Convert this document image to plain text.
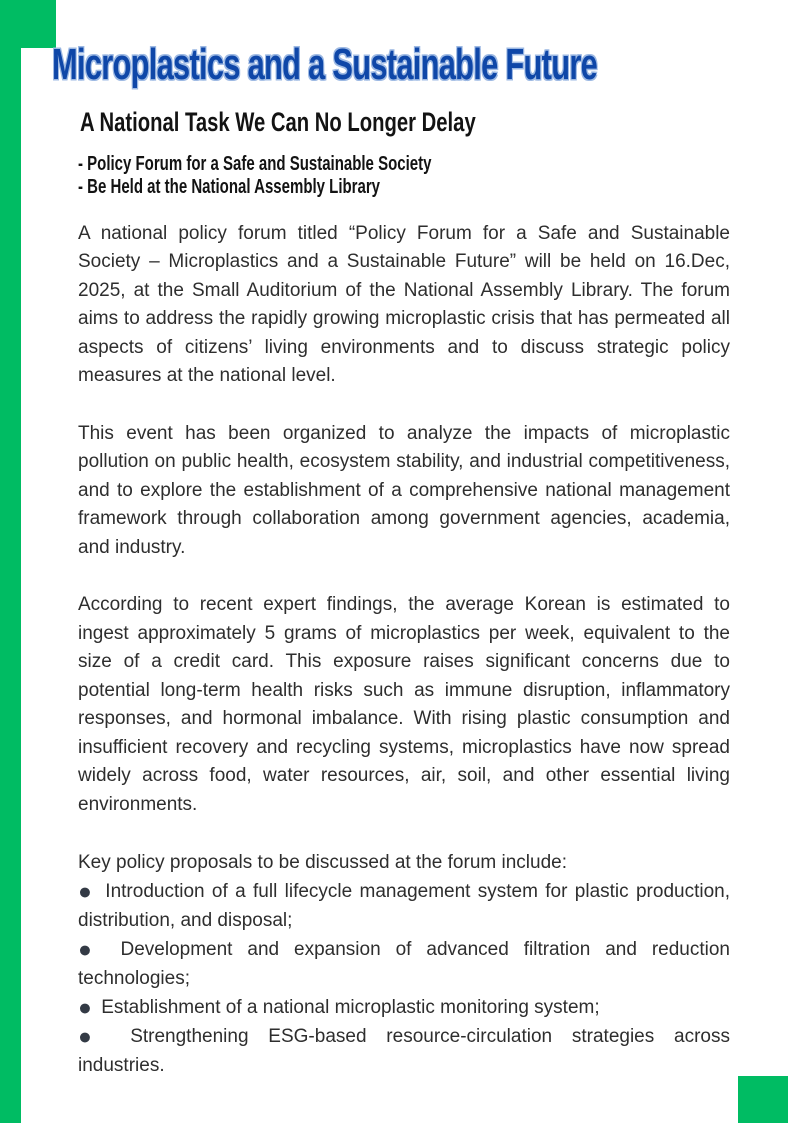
Microplastics and a Sustainable Future
A National Task We Can No Longer Delay

- Policy Forum for a Safe and Sustainable Society

- Be Held at the National Assembly Library

A national policy forum titled “Policy Forum for a Safe and Sustainable Society – Microplastics and a Sustainable Future” will be held on 16.Dec, 2025, at the Small Auditorium of the National Assembly Library. The forum aims to address the rapidly growing microplastic crisis that has permeated all aspects of citizens’ living environments and to discuss strategic policy measures at the national level.

This event has been organized to analyze the impacts of microplastic pollution on public health, ecosystem stability, and industrial competitiveness, and to explore the establishment of a comprehensive national management framework through collaboration among government agencies, academia, and industry.

According to recent expert findings, the average Korean is estimated to ingest approximately 5 grams of microplastics per week, equivalent to the size of a credit card. This exposure raises significant concerns due to potential long-term health risks such as immune disruption, inflammatory responses, and hormonal imbalance. With rising plastic consumption and insufficient recovery and recycling systems, microplastics have now spread widely across food, water resources, air, soil, and other essential living environments.

Key policy proposals to be discussed at the forum include:

● Introduction of a full lifecycle management system for plastic production, distribution, and disposal;

● Development and expansion of advanced filtration and reduction technologies;

● Establishment of a national microplastic monitoring system;

● Strengthening ESG-based resource-circulation strategies across industries.
